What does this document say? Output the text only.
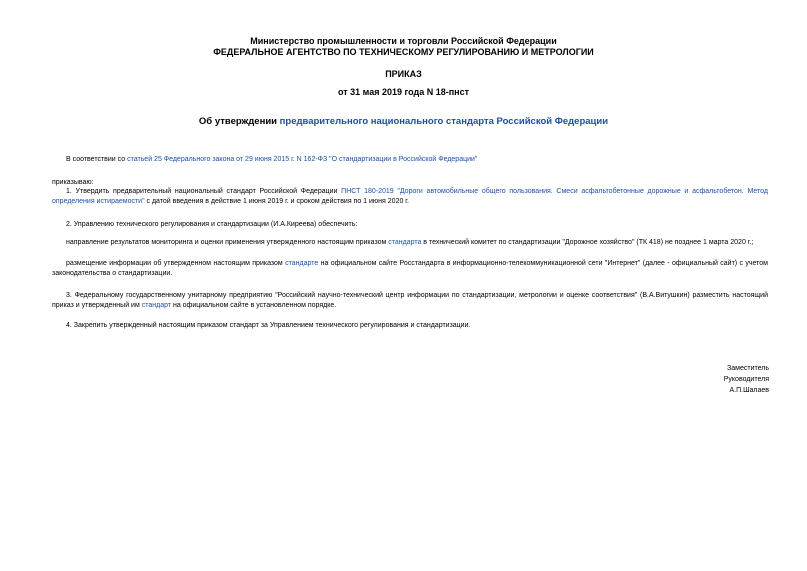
Министерство промышленности и торговли Российской Федерации
ФЕДЕРАЛЬНОЕ АГЕНТСТВО ПО ТЕХНИЧЕСКОМУ РЕГУЛИРОВАНИЮ И МЕТРОЛОГИИ
ПРИКАЗ
от 31 мая 2019 года N 18-пнст
Об утверждении предварительного национального стандарта Российской Федерации
В соответствии со статьей 25 Федерального закона от 29 июня 2015 г. N 162-ФЗ "О стандартизации в Российской Федерации"
приказываю:
1. Утвердить предварительный национальный стандарт Российской Федерации ПНСТ 180-2019 "Дороги автомобильные общего пользования. Смеси асфальтобетонные дорожные и асфальтобетон. Метод определения истираемости" с датой введения в действие 1 июня 2019 г. и сроком действия по 1 июня 2020 г.
2. Управлению технического регулирования и стандартизации (И.А.Киреева) обеспечить:
направление результатов мониторинга и оценки применения утвержденного настоящим приказом стандарта в технический комитет по стандартизации "Дорожное хозяйство" (ТК 418) не позднее 1 марта 2020 г.;
размещение информации об утвержденном настоящим приказом стандарте на официальном сайте Росстандарта в информационно-телекоммуникационной сети "Интернет" (далее - официальный сайт) с учетом законодательства о стандартизации.
3. Федеральному государственному унитарному предприятию "Российский научно-технический центр информации по стандартизации, метрологии и оценке соответствия" (В.А.Витушкин) разместить настоящий приказ и утвержденный им стандарт на официальном сайте в установленном порядке.
4. Закрепить утвержденный настоящим приказом стандарт за Управлением технического регулирования и стандартизации.
Заместитель
Руководителя
А.П.Шалаев
